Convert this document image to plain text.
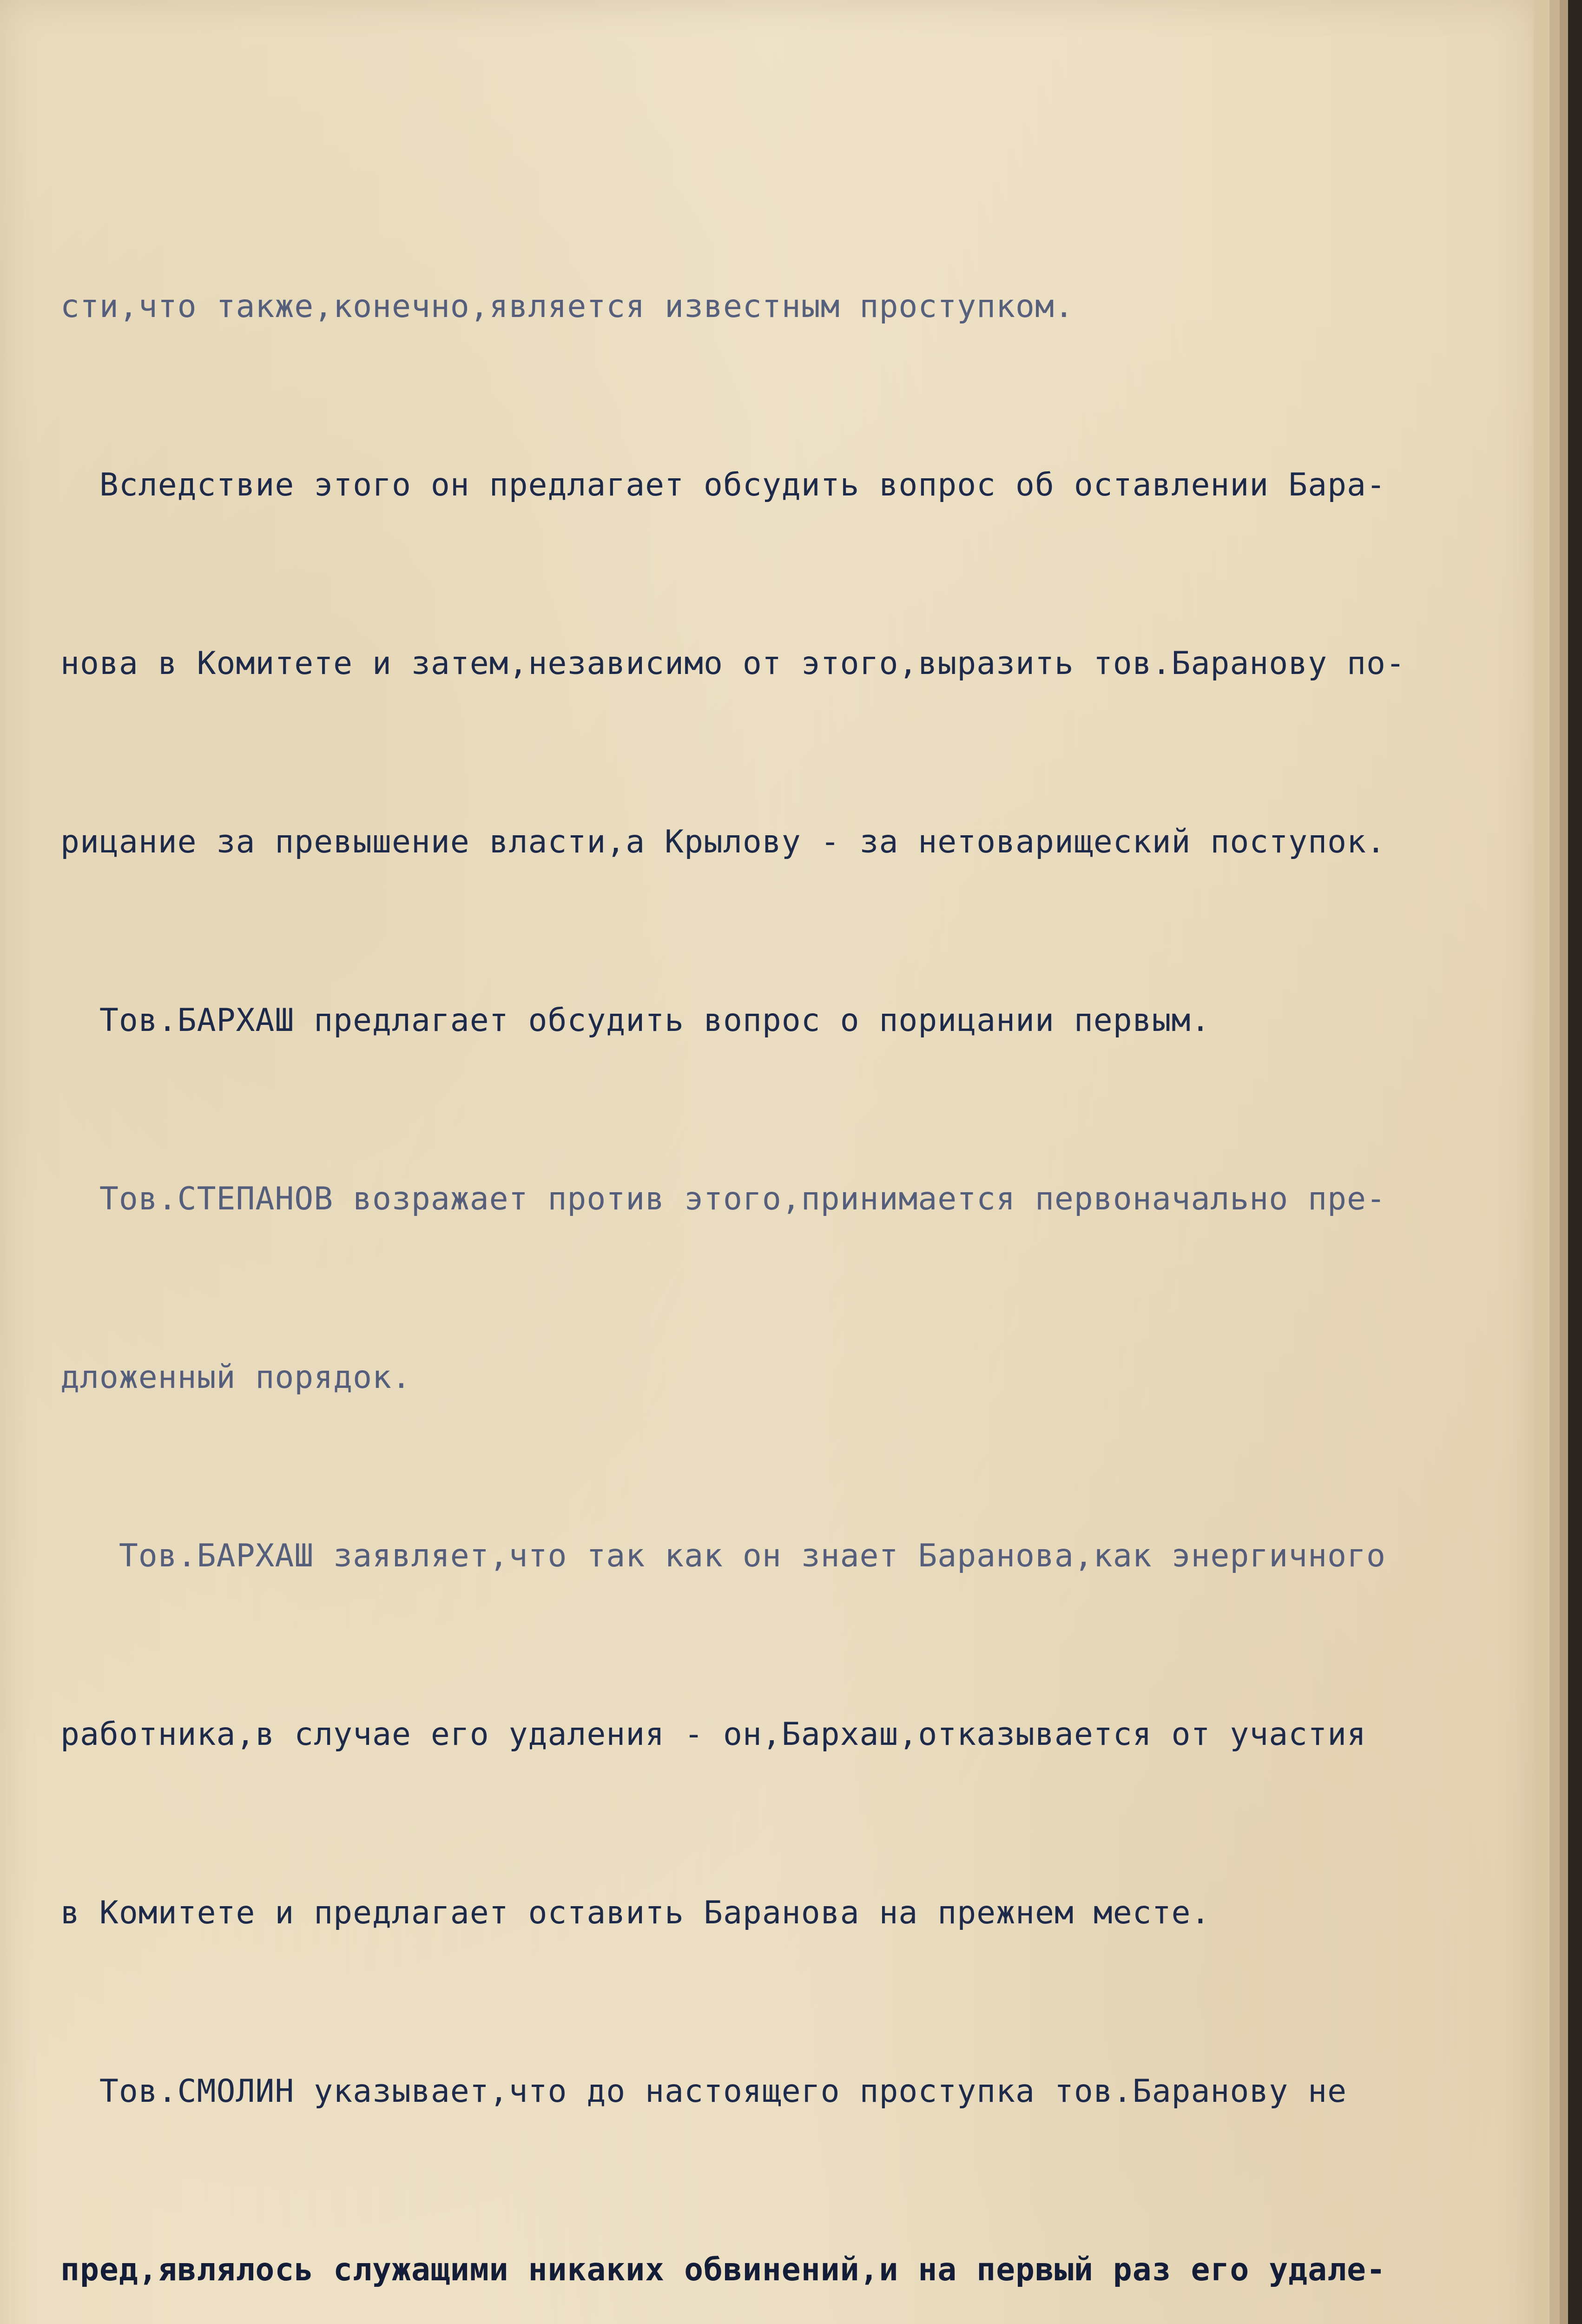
сти,что также,конечно,является известным проступком.

Вследствие этого он предлагает обсудить вопрос об оставлении Бара-

нова в Комитете и затем,независимо от этого,выразить тов.Баранову по-

рицание за превышение власти,а Крылову - за нетоварищеский поступок.

Тов.БАРХАШ предлагает обсудить вопрос о порицании первым.

Тов.СТЕПАНОВ возражает против этого,принимается первоначально пре-

дложенный порядок.

Тов.БАРХАШ заявляет,что так как он знает Баранова,как энергичного

работника,в случае его удаления - он,Бархаш,отказывается от участия

в Комитете и предлагает оставить Баранова на прежнем месте.

Тов.СМОЛИН указывает,что до настоящего проступка тов.Баранову не

пред,являлось служащими никаких обвинений,и на первый раз его удале-
